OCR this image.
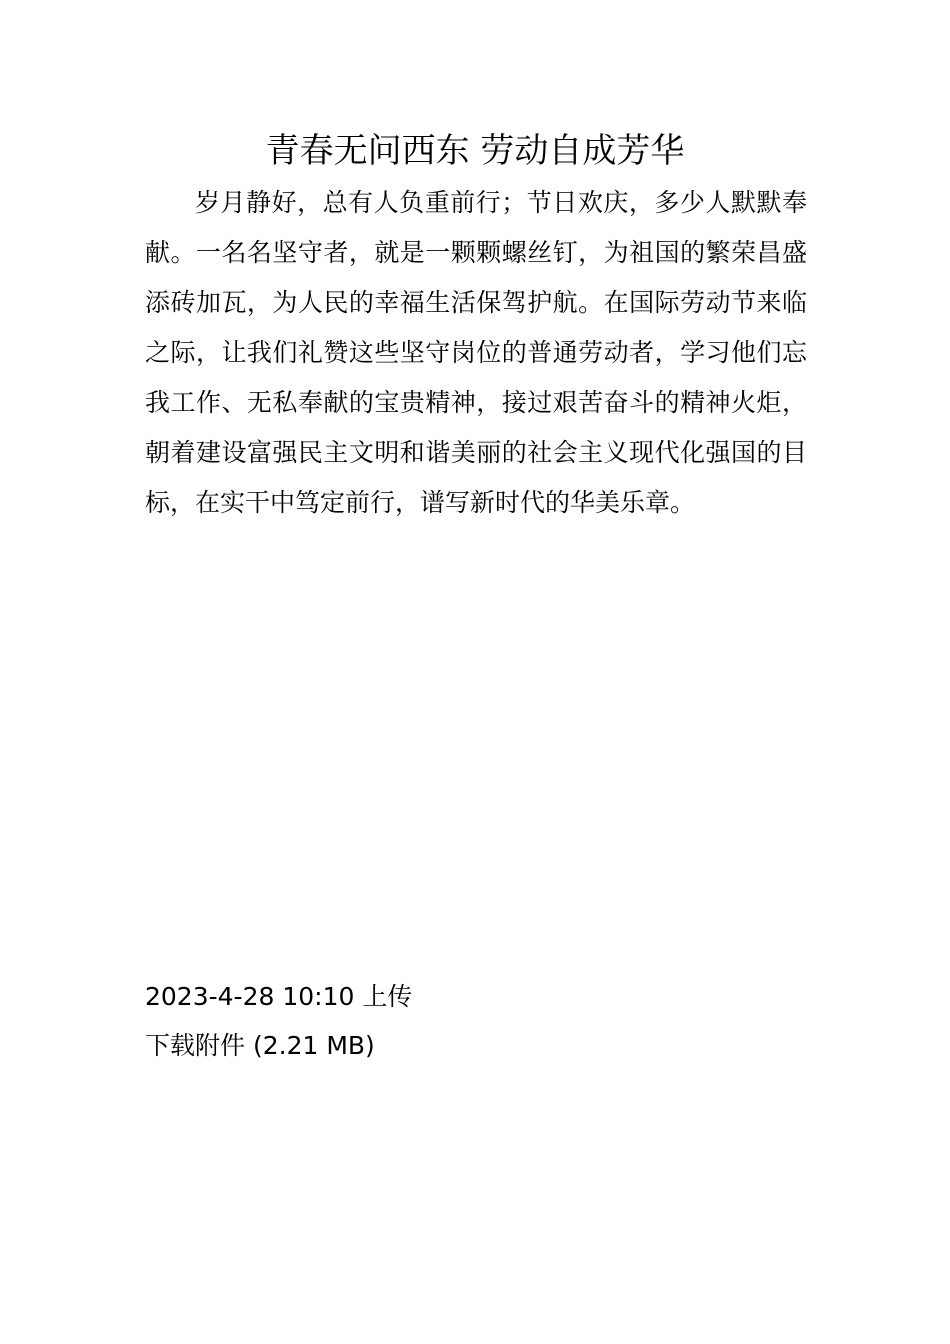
青春无问西东 劳动自成芳华

岁月静好，总有人负重前行；节日欢庆，多少人默默奉献。一名名坚守者，就是一颗颗螺丝钉，为祖国的繁荣昌盛添砖加瓦，为人民的幸福生活保驾护航。在国际劳动节来临之际，让我们礼赞这些坚守岗位的普通劳动者，学习他们忘我工作、无私奉献的宝贵精神，接过艰苦奋斗的精神火炬，朝着建设富强民主文明和谐美丽的社会主义现代化强国的目标，在实干中笃定前行，谱写新时代的华美乐章。

2023-4-28 10:10 上传
下载附件 (2.21 MB)
